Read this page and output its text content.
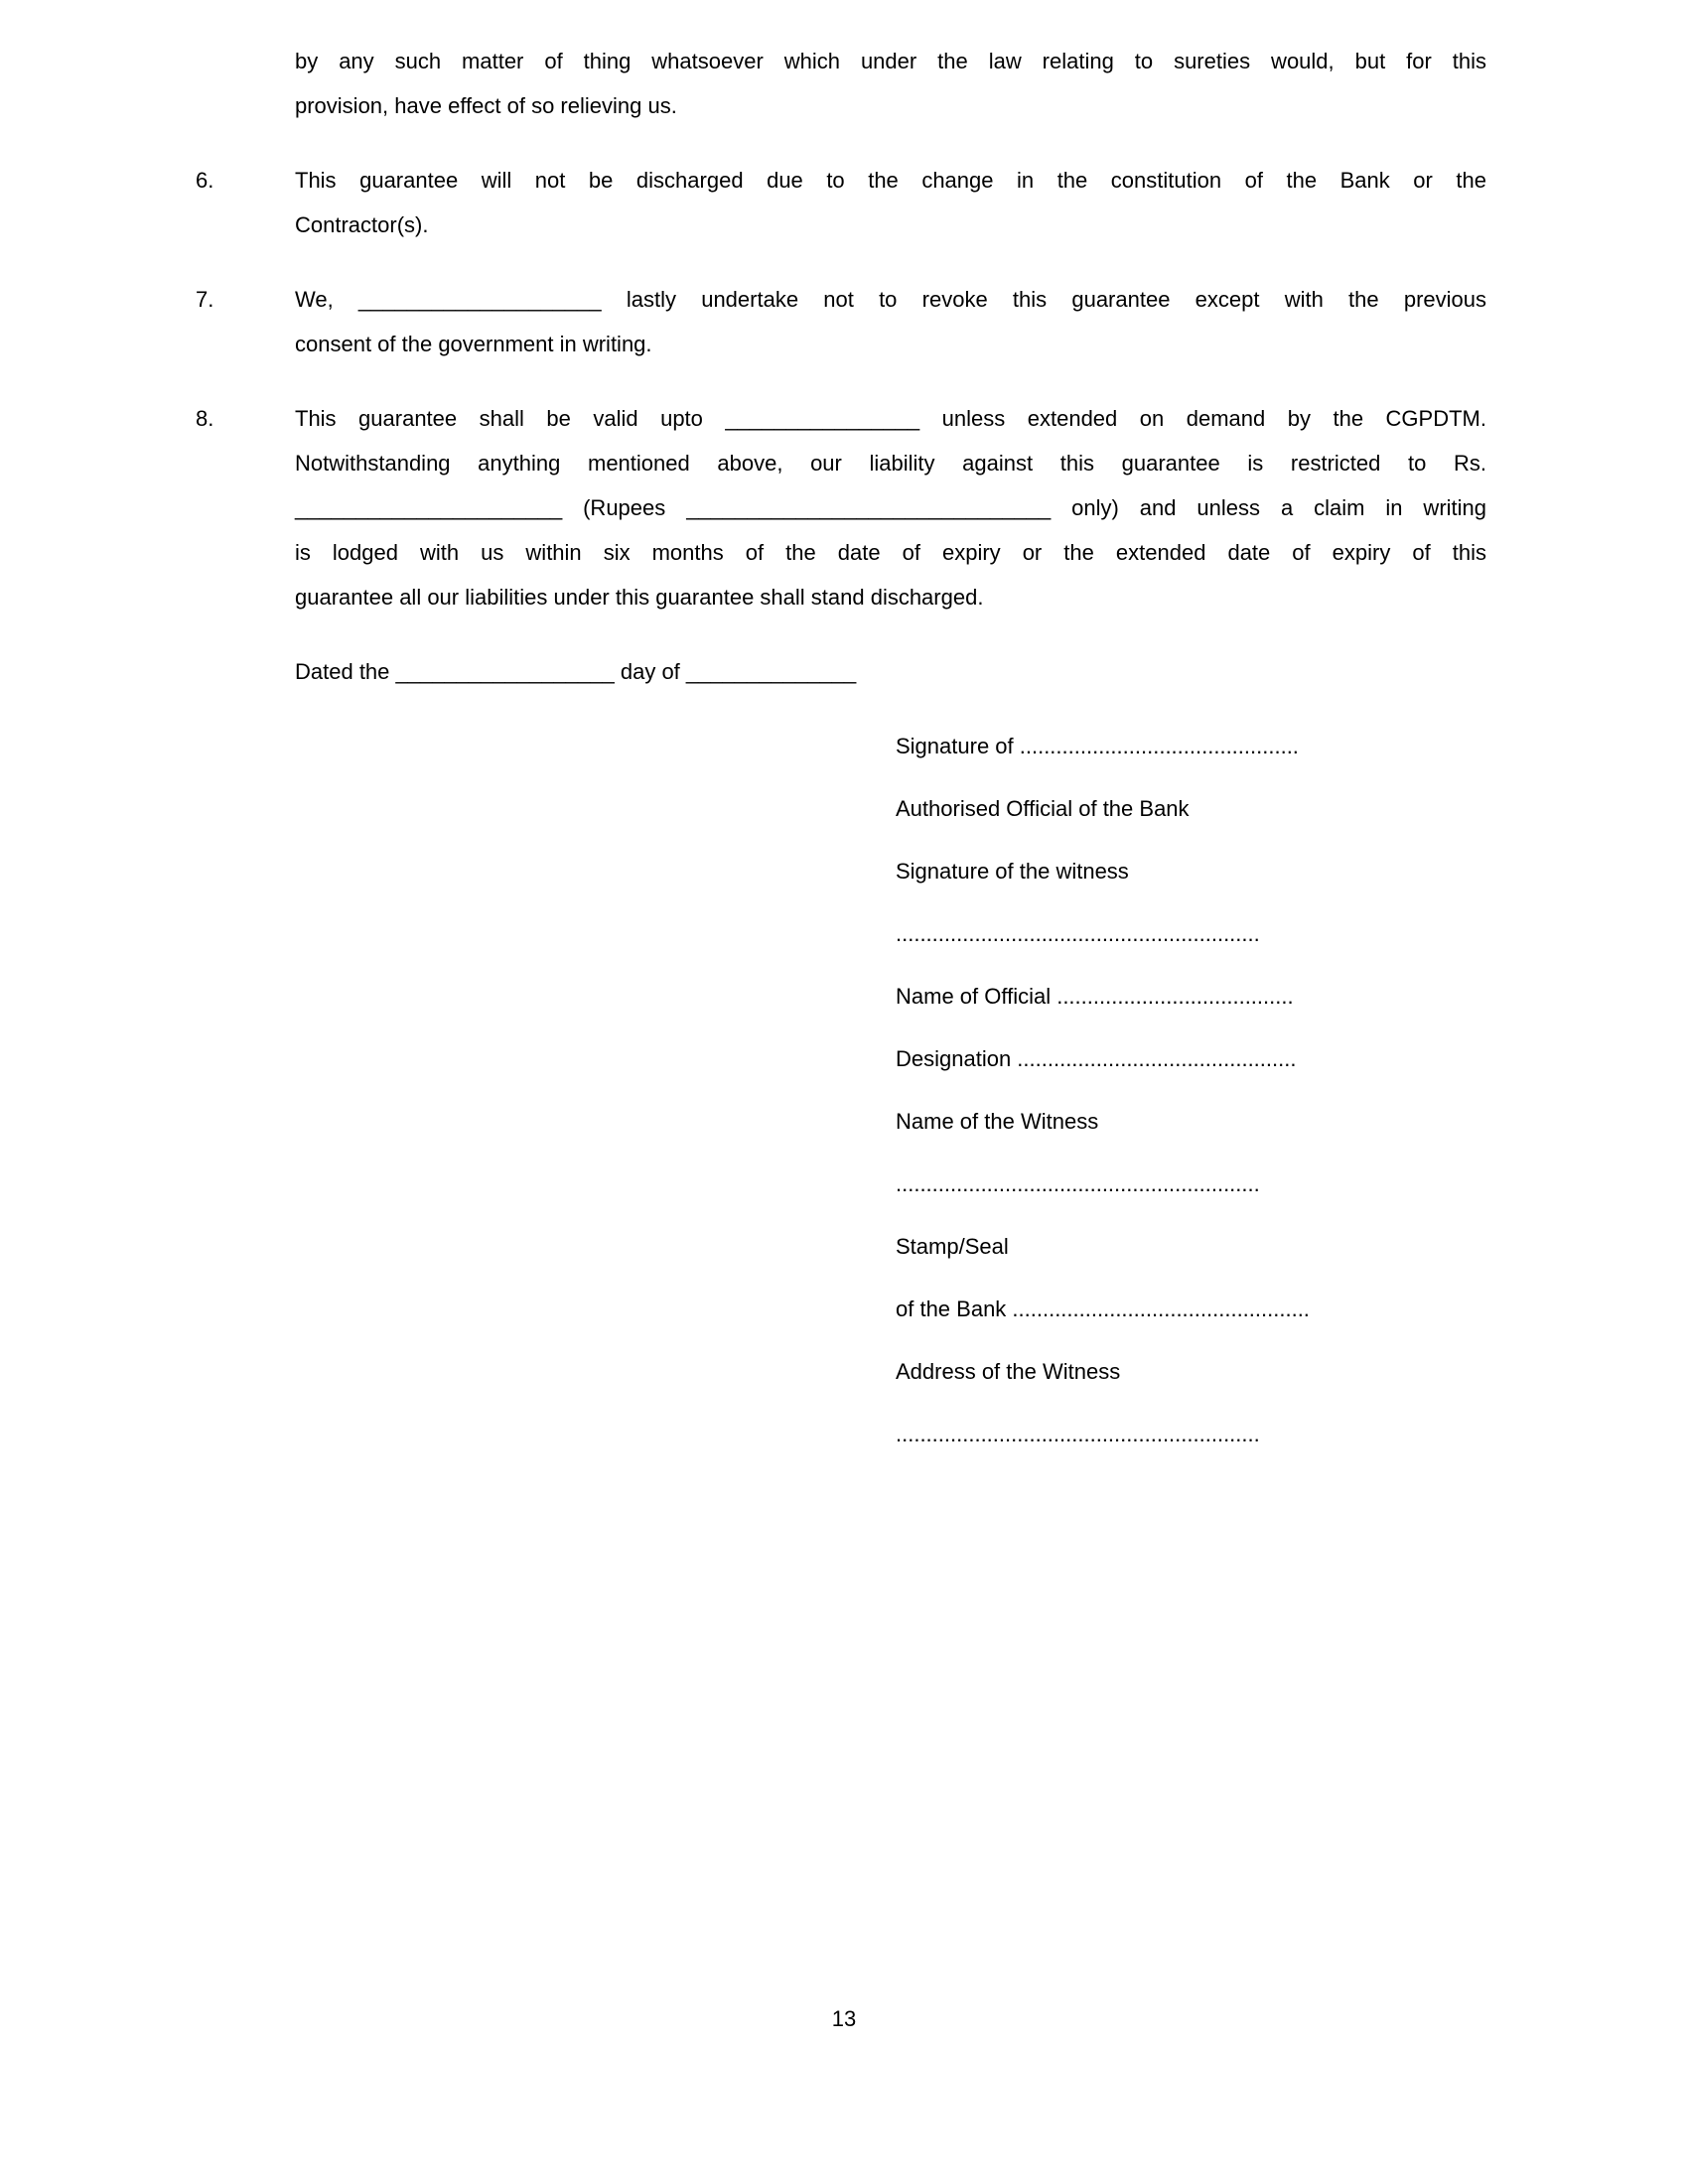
by any such matter of thing whatsoever which under the law relating to sureties would, but for this
provision, have effect of so relieving us.
6.	This guarantee will not be discharged due to the change in the constitution of the Bank or the
Contractor(s).
7.	We, ____________________ lastly undertake not to revoke this guarantee except with the previous
consent of the government in writing.
8.	This guarantee shall be valid upto ________________ unless extended on demand by the CGPDTM.
Notwithstanding anything mentioned above, our liability against this guarantee is restricted to Rs.
______________________ (Rupees ______________________________ only) and unless a claim in writing
is lodged with us within six months of the date of expiry or the extended date of expiry of this
guarantee all our liabilities under this guarantee shall stand discharged.
Dated the __________________ day of ______________
Signature of ..............................................
Authorised Official of the Bank
Signature of the witness
............................................................
Name of Official .......................................
Designation ..............................................
Name of the Witness
............................................................
Stamp/Seal
of the Bank .................................................
Address of the Witness
............................................................
13
